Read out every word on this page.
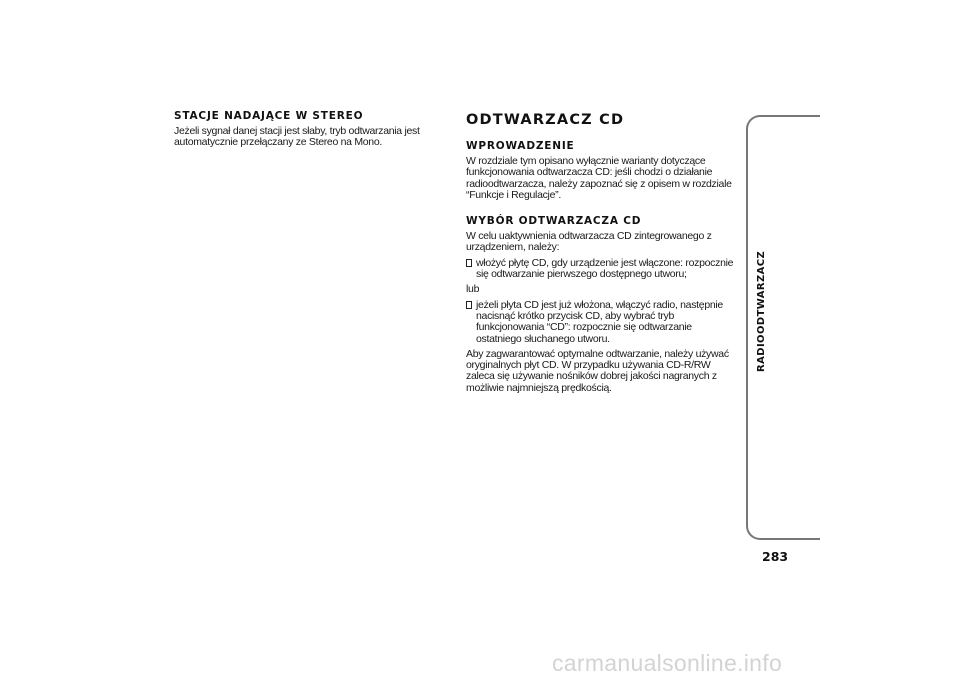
STACJE NADAJĄCE W STEREO

Jeżeli sygnał danej stacji jest słaby, tryb odtwarzania jest automatycznie przełączany ze Stereo na Mono.

ODTWARZACZ CD
WPROWADZENIE

W rozdziale tym opisano wyłącznie warianty dotyczące funkcjonowania odtwarzacza CD: jeśli chodzi o działanie radioodtwarzacza, należy zapoznać się z opisem w rozdziale “Funkcje i Regulacje”.

WYBÓR ODTWARZACZA CD

W celu uaktywnienia odtwarzacza CD zintegrowanego z urządzeniem, należy:

włożyć płytę CD, gdy urządzenie jest włączone: rozpocznie się odtwarzanie pierwszego dostępnego utworu;

lub

jeżeli płyta CD jest już włożona, włączyć radio, następnie nacisnąć krótko przycisk CD, aby wybrać tryb funkcjonowania “CD”: rozpocznie się odtwarzanie ostatniego słuchanego utworu.

Aby zagwarantować optymalne odtwarzanie, należy używać oryginalnych płyt CD. W przypadku używania CD-R/RW zaleca się używanie nośników dobrej jakości nagranych z możliwie najmniejszą prędkością.

RADIOODTWARZACZ
283
carmanualsonline.info
